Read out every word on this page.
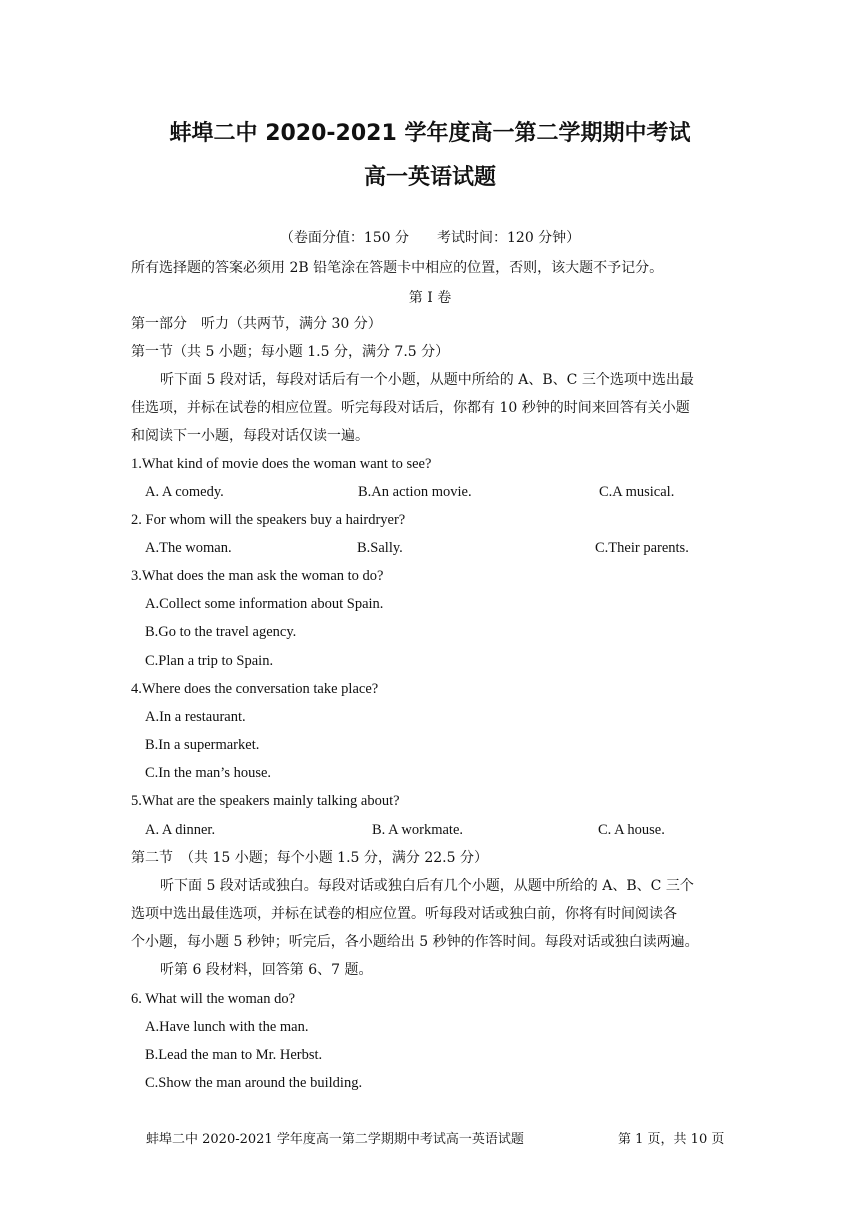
蚌埠二中 2020-2021 学年度高一第二学期期中考试
高一英语试题
（卷面分值：150 分　　考试时间：120 分钟）
所有选择题的答案必须用 2B 铅笔涂在答题卡中相应的位置，否则，该大题不予记分。
第 I 卷
第一部分　听力（共两节，满分 30 分）
第一节（共 5 小题；每小题 1.5 分，满分 7.5 分）
听下面 5 段对话，每段对话后有一个小题，从题中所给的 A、B、C 三个选项中选出最
佳选项，并标在试卷的相应位置。听完每段对话后，你都有 10 秒钟的时间来回答有关小题
和阅读下一小题，每段对话仅读一遍。
1.What kind of movie does the woman want to see?
A. A comedy.	B.An action movie.	C.A musical.
2. For whom will the speakers buy a hairdryer?
A.The woman.	B.Sally.	C.Their parents.
3.What does the man ask the woman to do?
A.Collect some information about Spain.
B.Go to the travel agency.
C.Plan a trip to Spain.
4.Where does the conversation take place?
A.In a restaurant.
B.In a supermarket.
C.In the man’s house.
5.What are the speakers mainly talking about?
A. A dinner.	B. A workmate.	C. A house.
第二节　（共 15 小题；每个小题 1.5 分，满分 22.5 分）
听下面 5 段对话或独白。每段对话或独白后有几个小题，从题中所给的 A、B、C 三个
选项中选出最佳选项，并标在试卷的相应位置。听每段对话或独白前，你将有时间阅读各
个小题，每小题 5 秒钟；听完后，各小题给出 5 秒钟的作答时间。每段对话或独白读两遍。
听第 6 段材料，回答第 6、7 题。
6. What will the woman do?
A.Have lunch with the man.
B.Lead the man to Mr. Herbst.
C.Show the man around the building.
蚌埠二中 2020-2021 学年度高一第二学期期中考试高一英语试题	第 1 页，共 10 页
